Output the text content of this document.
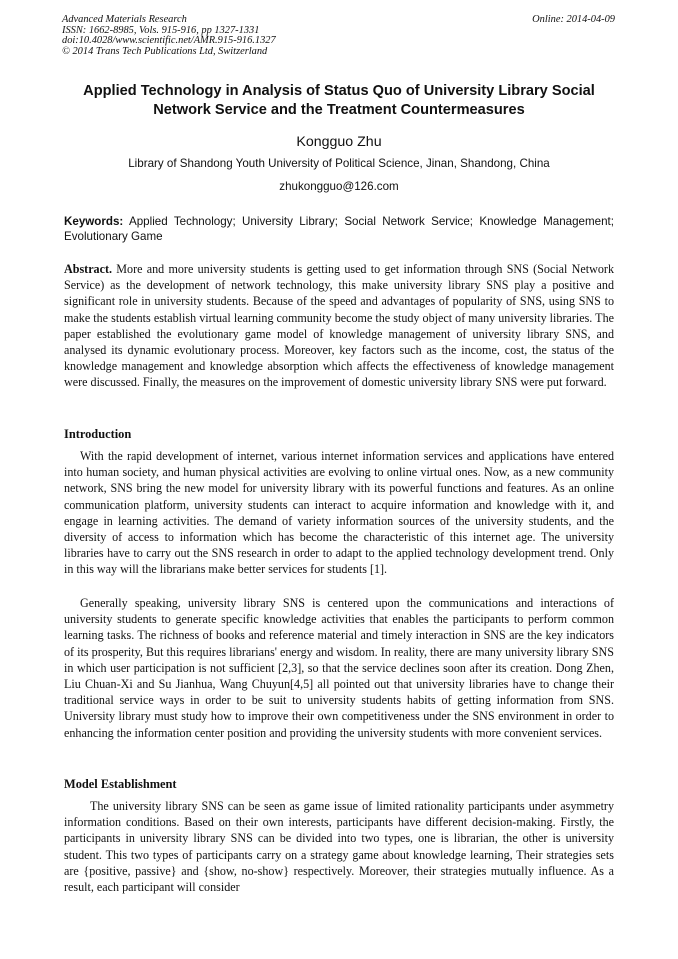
Advanced Materials Research
ISSN: 1662-8985, Vols. 915-916, pp 1327-1331
doi:10.4028/www.scientific.net/AMR.915-916.1327
© 2014 Trans Tech Publications Ltd, Switzerland
Online: 2014-04-09
Applied Technology in Analysis of Status Quo of University Library Social Network Service and the Treatment Countermeasures
Kongguo Zhu
Library of Shandong Youth University of Political Science, Jinan, Shandong, China
zhukongguo@126.com
Keywords: Applied Technology; University Library; Social Network Service; Knowledge Management; Evolutionary Game

Abstract. More and more university students is getting used to get information through SNS (Social Network Service) as the development of network technology, this make university library SNS play a positive and significant role in university students. Because of the speed and advantages of popularity of SNS, using SNS to make the students establish virtual learning community become the study object of many university libraries. The paper established the evolutionary game model of knowledge management of university library SNS, and analysed its dynamic evolutionary process. Moreover, key factors such as the income, cost, the status of the knowledge management and knowledge absorption which affects the effectiveness of knowledge management were discussed. Finally, the measures on the improvement of domestic university library SNS were put forward.

Introduction

With the rapid development of internet, various internet information services and applications have entered into human society, and human physical activities are evolving to online virtual ones. Now, as a new community network, SNS bring the new model for university library with its powerful functions and features. As an online communication platform, university students can interact to acquire information and knowledge with it, and engage in learning activities. The demand of variety information sources of the university students, and the diversity of access to information which has become the characteristic of this internet age. The university libraries have to carry out the SNS research in order to adapt to the applied technology development trend. Only in this way will the librarians make better services for students [1].

Generally speaking, university library SNS is centered upon the communications and interactions of university students to generate specific knowledge activities that enables the participants to perform common learning tasks. The richness of books and reference material and timely interaction in SNS are the key indicators of its prosperity, But this requires librarians' energy and wisdom. In reality, there are many university library SNS in which user participation is not sufficient [2,3], so that the service declines soon after its creation. Dong Zhen, Liu Chuan-Xi and Su Jianhua, Wang Chuyun[4,5] all pointed out that university libraries have to change their traditional service ways in order to be suit to university students habits of getting information from SNS. University library must study how to improve their own competitiveness under the SNS environment in order to enhancing the information center position and providing the university students with more convenient services.

Model Establishment

The university library SNS can be seen as game issue of limited rationality participants under asymmetry information conditions. Based on their own interests, participants have different decision-making. Firstly, the participants in university library SNS can be divided into two types, one is librarian, the other is university student. This two types of participants carry on a strategy game about knowledge learning, Their strategies sets are {positive, passive} and {show, no-show} respectively. Moreover, their strategies mutually influence. As a result, each participant will consider
